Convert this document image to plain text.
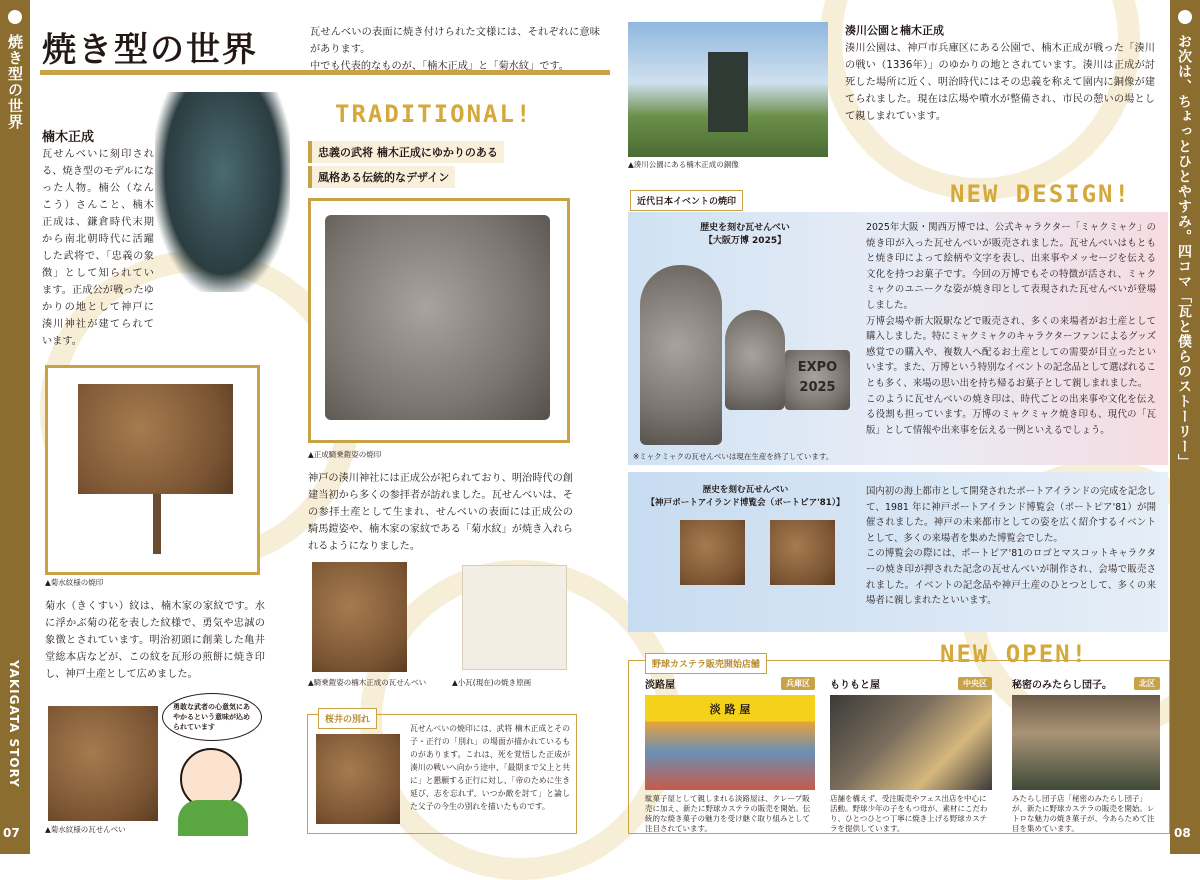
焼き型の世界
YAKIGATA STORY
07
お次は、ちょっとひとやすみ。四コマ「瓦と僕らのストーリー」
08
焼き型の世界	瓦せんべいの表面に焼き付けられた文様には、それぞれに意味があります。

中でも代表的なものが、「楠木正成」と「菊水紋」です。

楠木正成

瓦せんべいに刻印される、焼き型のモデルになった人物。楠公（なんこう）さんこと、楠木正成は、鎌倉時代末期から南北朝時代に活躍した武将で、「忠義の象徴」として知られています。正成公が戦ったゆかりの地として神戸に湊川神社が建てられています。

▲菊水紋様の焼印

菊水（きくすい）紋は、楠木家の家紋です。水に浮かぶ菊の花を表した紋様で、勇気や忠誠の象徴とされています。明治初頭に創業した亀井堂総本店などが、この紋を瓦形の煎餅に焼き印し、神戸土産として広めました。

▲菊水紋様の瓦せんべい
勇敢な武者の心意気にあやかるという意味が込められています
TRADITIONAL!
忠義の武将 楠木正成にゆかりのある
風格ある伝統的なデザイン
▲正成騎乗鎧姿の焼印

神戸の湊川神社には正成公が祀られており、明治時代の創建当初から多くの参拝者が訪れました。瓦せんべいは、その参拝土産として生まれ、せんべいの表面には正成公の騎馬鎧姿や、楠木家の家紋である「菊水紋」が焼き入れられるようになりました。

▲騎乗鎧姿の楠木正成の瓦せんべい	▲小瓦(現在)の焼き原画
桜井の別れ

瓦せんべいの焼印には、武将 楠木正成とその子・正行の「別れ」の場面が描かれているものがあります。これは、死を覚悟した正成が湊川の戦いへ向かう途中、「最期まで父上と共に」と懇願する正行に対し、「帝のために生き延び、志を忘れず、いつか敵を討て」と論した父子の今生の別れを描いたものです。

▲湊川公園にある楠木正成の銅像
湊川公園と楠木正成

湊川公園は、神戸市兵庫区にある公園で、楠木正成が戦った「湊川の戦い（1336年）」のゆかりの地とされています。湊川は正成が討死した場所に近く、明治時代にはその忠義を称えて園内に銅像が建てられました。現在は広場や噴水が整備され、市民の憩いの場として親しまれています。

NEW DESIGN!
近代日本イベントの焼印
歴史を刻む瓦せんべい
【大阪万博 2025】
EXPO 2025
※ミャクミャクの瓦せんべいは現在生産を終了しています。

2025年大阪・関西万博では、公式キャラクター「ミャクミャク」の焼き印が入った瓦せんべいが販売されました。瓦せんべいはもともと焼き印によって絵柄や文字を表し、出来事やメッセージを伝える文化を持つお菓子です。今回の万博でもその特徴が活され、ミャクミャクのユニークな姿が焼き印として表現された瓦せんべいが登場しました。
万博会場や新大阪駅などで販売され、多くの来場者がお土産として購入しました。特にミャクミャクのキャラクターファンによるグッズ感覚での購入や、複数人へ配るお土産としての需要が目立ったといいます。また、万博という特別なイベントの記念品として選ばれることも多く、来場の思い出を持ち帰るお菓子として親しまれました。
このように瓦せんべいの焼き印は、時代ごとの出来事や文化を伝える役割も担っています。万博のミャクミャク焼き印も、現代の「瓦版」として情報や出来事を伝える一例といえるでしょう。

歴史を刻む瓦せんべい
【神戸ポートアイランド博覧会（ポートピア'81）】

国内初の海上都市として開発されたポートアイランドの完成を記念して、1981 年に神戸ポートアイランド博覧会（ポートピア'81）が開催されました。神戸の未来都市としての姿を広く紹介するイベントとして、多くの来場者を集めた博覧会でした。
この博覧会の際には、ポートピア'81のロゴとマスコットキャラクターの焼き印が押された記念の瓦せんべいが制作され、会場で販売されました。イベントの記念品や神戸土産のひとつとして、多くの来場者に親しまれたといいます。

野球カステラ販売開始店舗	NEW OPEN!
淡路屋	兵庫区
淡 路 屋

駄菓子屋として親しまれる淡路屋は、クレープ販売に加え、新たに野球カステラの販売を開始。伝統的な焼き菓子の魅力を受け継ぐ取り組みとして注目されています。

もりもと屋	中央区

店舗を構えず、受注販売やフェス出店を中心に活動。野球少年の子をもつ母が、素材にこだわり、ひとつひとつ丁寧に焼き上げる野球カステラを提供しています。

秘密のみたらし団子。	北区

みたらし団子店「秘密のみたらし団子」が、新たに野球カステラの販売を開始。レトロな魅力の焼き菓子が、今あらためて注目を集めています。
